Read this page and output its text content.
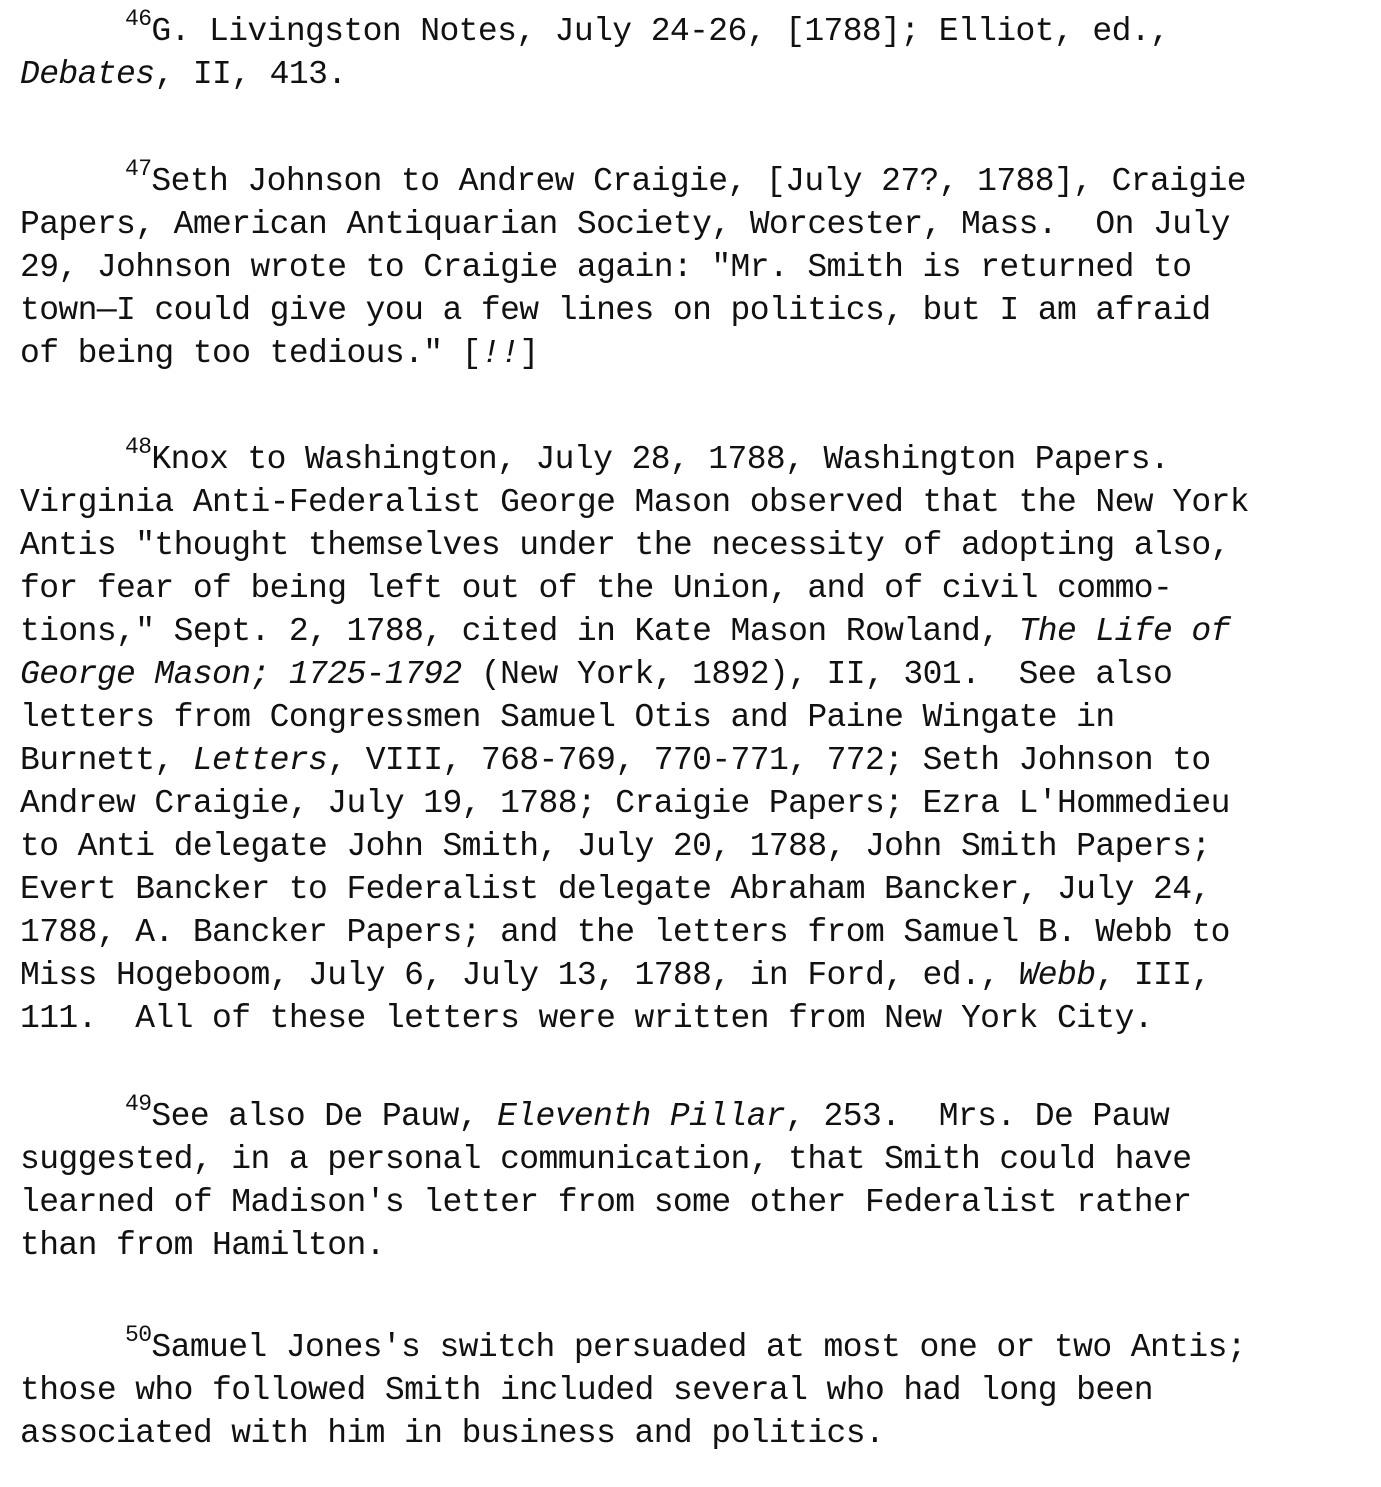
$^{46}$G. Livingston Notes, July 24-26, [1788]; Elliot, ed.,
Debates, II, 413.
$^{47}$Seth Johnson to Andrew Craigie, [July 27?, 1788], Craigie
Papers, American Antiquarian Society, Worcester, Mass.  On July
29, Johnson wrote to Craigie again: "Mr. Smith is returned to
town—I could give you a few lines on politics, but I am afraid
of being too tedious." [!!]
$^{48}$Knox to Washington, July 28, 1788, Washington Papers.
Virginia Anti-Federalist George Mason observed that the New York
Antis "thought themselves under the necessity of adopting also,
for fear of being left out of the Union, and of civil commo-
tions," Sept. 2, 1788, cited in Kate Mason Rowland, The Life of
George Mason; 1725-1792 (New York, 1892), II, 301.  See also
letters from Congressmen Samuel Otis and Paine Wingate in
Burnett, Letters, VIII, 768-769, 770-771, 772; Seth Johnson to
Andrew Craigie, July 19, 1788; Craigie Papers; Ezra L'Hommedieu
to Anti delegate John Smith, July 20, 1788, John Smith Papers;
Evert Bancker to Federalist delegate Abraham Bancker, July 24,
1788, A. Bancker Papers; and the letters from Samuel B. Webb to
Miss Hogeboom, July 6, July 13, 1788, in Ford, ed., Webb, III,
111.  All of these letters were written from New York City.
$^{49}$See also De Pauw, Eleventh Pillar, 253.  Mrs. De Pauw
suggested, in a personal communication, that Smith could have
learned of Madison's letter from some other Federalist rather
than from Hamilton.
$^{50}$Samuel Jones's switch persuaded at most one or two Antis;
those who followed Smith included several who had long been
associated with him in business and politics.
